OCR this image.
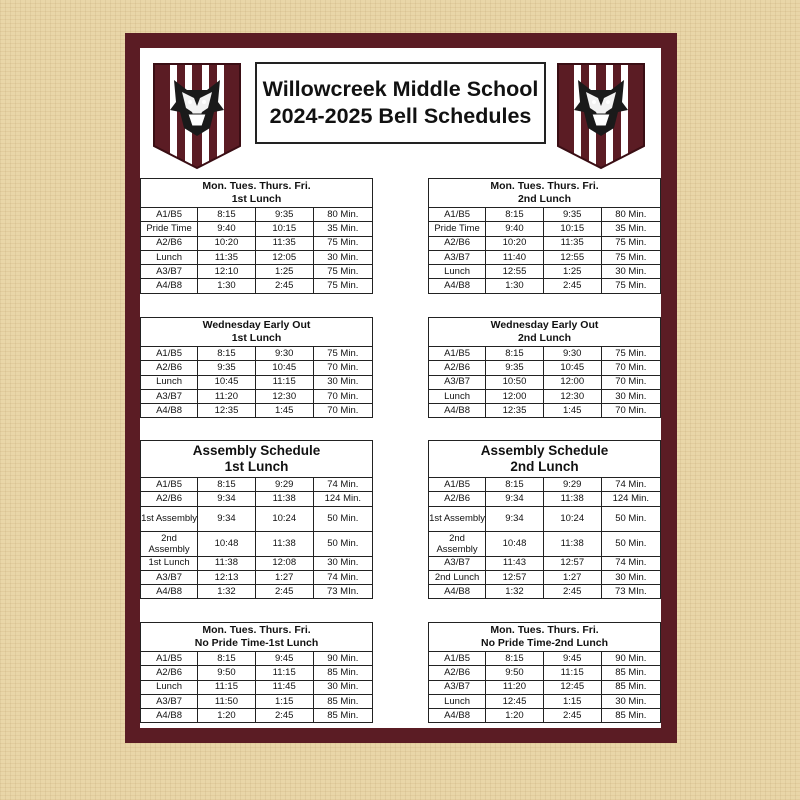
Willowcreek Middle School
2024-2025 Bell Schedules
Mon. Tues. Thurs. Fri.
1st Lunch
A1/B5	8:15	9:35	80 Min.
Pride Time	9:40	10:15	35 Min.
A2/B6	10:20	11:35	75 Min.
Lunch	11:35	12:05	30 Min.
A3/B7	12:10	1:25	75 Min.
A4/B8	1:30	2:45	75 Min.
Mon. Tues. Thurs. Fri.
2nd Lunch
A1/B5	8:15	9:35	80 Min.
Pride Time	9:40	10:15	35 Min.
A2/B6	10:20	11:35	75 Min.
A3/B7	11:40	12:55	75 Min.
Lunch	12:55	1:25	30 Min.
A4/B8	1:30	2:45	75 Min.
Wednesday Early Out
1st Lunch
A1/B5	8:15	9:30	75 Min.
A2/B6	9:35	10:45	70 Min.
Lunch	10:45	11:15	30 Min.
A3/B7	11:20	12:30	70 Min.
A4/B8	12:35	1:45	70 Min.
Wednesday Early Out
2nd Lunch
A1/B5	8:15	9:30	75 Min.
A2/B6	9:35	10:45	70 Min.
A3/B7	10:50	12:00	70 Min.
Lunch	12:00	12:30	30 Min.
A4/B8	12:35	1:45	70 Min.
Assembly Schedule
1st Lunch
A1/B5	8:15	9:29	74 Min.
A2/B6	9:34	11:38	124 Min.
1st Assembly	9:34	10:24	50 Min.
2nd Assembly	10:48	11:38	50 Min.
1st Lunch	11:38	12:08	30 Min.
A3/B7	12:13	1:27	74 Min.
A4/B8	1:32	2:45	73 MIn.
Assembly Schedule
2nd Lunch
A1/B5	8:15	9:29	74 Min.
A2/B6	9:34	11:38	124 Min.
1st Assembly	9:34	10:24	50 Min.
2nd Assembly	10:48	11:38	50 Min.
A3/B7	11:43	12:57	74 Min.
2nd Lunch	12:57	1:27	30 Min.
A4/B8	1:32	2:45	73 MIn.
Mon. Tues. Thurs. Fri.
No Pride Time-1st Lunch
A1/B5	8:15	9:45	90 Min.
A2/B6	9:50	11:15	85 Min.
Lunch	11:15	11:45	30 Min.
A3/B7	11:50	1:15	85 Min.
A4/B8	1:20	2:45	85 Min.
Mon. Tues. Thurs. Fri.
No Pride Time-2nd Lunch
A1/B5	8:15	9:45	90 Min.
A2/B6	9:50	11:15	85 Min.
A3/B7	11:20	12:45	85 Min.
Lunch	12:45	1:15	30 Min.
A4/B8	1:20	2:45	85 Min.
